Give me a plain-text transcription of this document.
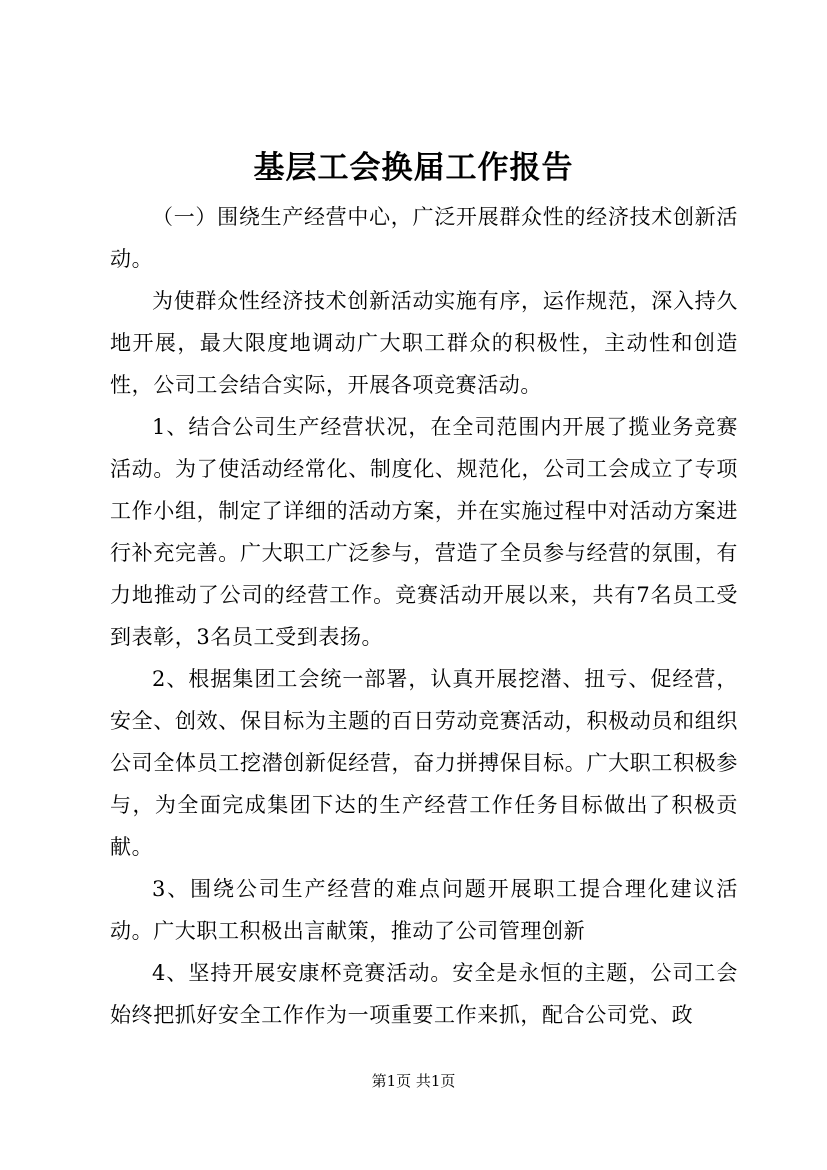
基层工会换届工作报告

（一）围绕生产经营中心，广泛开展群众性的经济技术创新活动。

为使群众性经济技术创新活动实施有序，运作规范，深入持久地开展，最大限度地调动广大职工群众的积极性，主动性和创造性，公司工会结合实际，开展各项竞赛活动。

1、结合公司生产经营状况，在全司范围内开展了揽业务竞赛活动。为了使活动经常化、制度化、规范化，公司工会成立了专项工作小组，制定了详细的活动方案，并在实施过程中对活动方案进行补充完善。广大职工广泛参与，营造了全员参与经营的氛围，有力地推动了公司的经营工作。竞赛活动开展以来，共有7名员工受到表彰，3名员工受到表扬。

2、根据集团工会统一部署，认真开展挖潜、扭亏、促经营，安全、创效、保目标为主题的百日劳动竞赛活动，积极动员和组织公司全体员工挖潜创新促经营，奋力拼搏保目标。广大职工积极参与，为全面完成集团下达的生产经营工作任务目标做出了积极贡献。

3、围绕公司生产经营的难点问题开展职工提合理化建议活动。广大职工积极出言献策，推动了公司管理创新

4、坚持开展安康杯竞赛活动。安全是永恒的主题，公司工会始终把抓好安全工作作为一项重要工作来抓，配合公司党、政

第1页 共1页
